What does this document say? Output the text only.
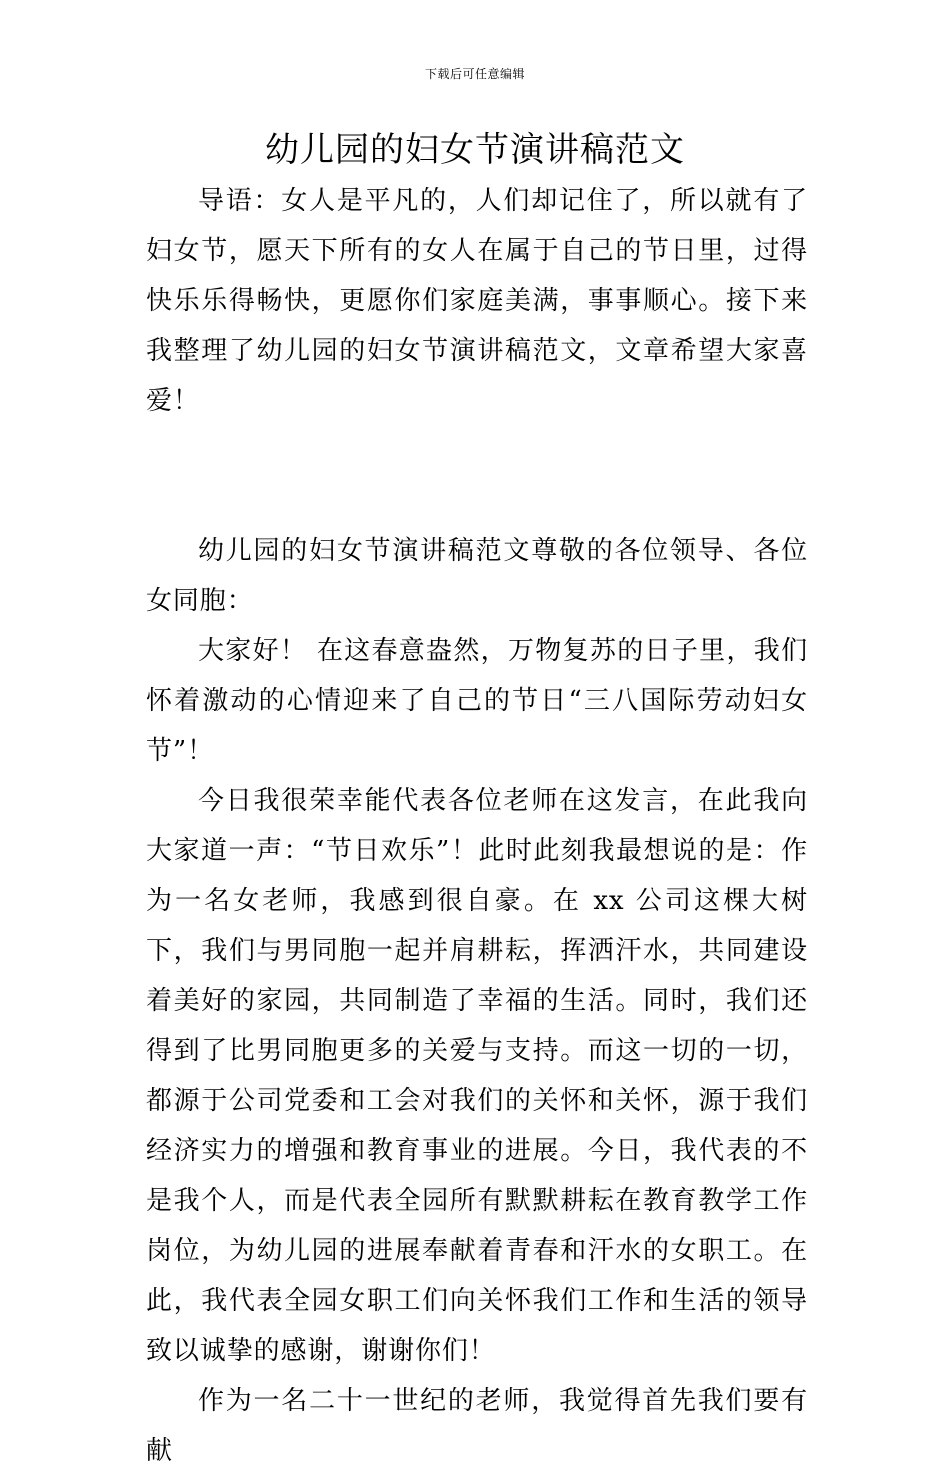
下载后可任意编辑
幼儿园的妇女节演讲稿范文

导语：女人是平凡的，人们却记住了，所以就有了妇女节，愿天下所有的女人在属于自己的节日里，过得快乐乐得畅快，更愿你们家庭美满，事事顺心。接下来我整理了幼儿园的妇女节演讲稿范文，文章希望大家喜爱！

幼儿园的妇女节演讲稿范文尊敬的各位领导、各位女同胞：

大家好！ 在这春意盎然，万物复苏的日子里，我们怀着激动的心情迎来了自己的节日“三八国际劳动妇女节”！

今日我很荣幸能代表各位老师在这发言，在此我向大家道一声：“节日欢乐”！此时此刻我最想说的是：作为一名女老师，我感到很自豪。在 xx 公司这棵大树下，我们与男同胞一起并肩耕耘，挥洒汗水，共同建设着美好的家园，共同制造了幸福的生活。同时，我们还得到了比男同胞更多的关爱与支持。而这一切的一切，都源于公司党委和工会对我们的关怀和关怀，源于我们经济实力的增强和教育事业的进展。今日，我代表的不是我个人，而是代表全园所有默默耕耘在教育教学工作岗位，为幼儿园的进展奉献着青春和汗水的女职工。在此，我代表全园女职工们向关怀我们工作和生活的领导致以诚挚的感谢，谢谢你们！

作为一名二十一世纪的老师，我觉得首先我们要有献
